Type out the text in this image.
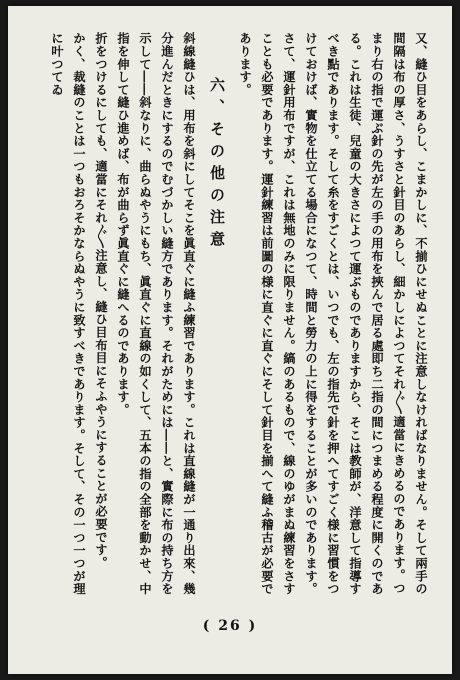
又、縫ひ目をあらし、こまかしに、不揃ひにせぬことに注意しなければなりません。そして兩手の間隔は布の厚さ、うすさと針目のあらし、細かしによつてそれ〴〵適當にきめるのであります。つまり右の指で運ぶ針の先が左の手の用布を挾んで居る處即ち二指の間につまめる程度に開くのである。これは生徒、兒童の大きさによつて運ぶものでありますから、そこは教師が、洋意して指導すべき點であります。そして糸をすごくとは、いつでも、左の指先で針を押へてすごく様に習慣をつけておけば、實物を仕立てる場合になつて、時間と勞力の上に得をすることが多いのであります。

さて、運針用布ですが、これは無地のみに限りません。縞のあるもので、線のゆがまぬ練習をさすことも必要であります。運針練習は前圖の様に直ぐに直ぐにそして針目を揃へて縫ふ稽古が必要であります。

六、その他の注意

斜線縫ひは、用布を斜にしてそこを眞直ぐに縫ふ練習であります。これは直線縫が一通り出來、幾分進んだときにするのでむづかしい縫方であります。それがためには――と、實際に布の持ち方を示して――斜なりに、曲らぬやうにもち、眞直ぐに直線の如くして、五本の指の全部を動かせ、中指を伸して縫ひ進めば、布が曲らず眞直ぐに縫へるのであります。

折をつけるにしても、適當にそれ〴〵注意し、縫ひ目布目にそふやうにすることが必要です。

かく、裁縫のことは一つもおろそかならぬやうに致すべきであります。そして、その一つ一つが理に叶つてゐ

( 26 )
